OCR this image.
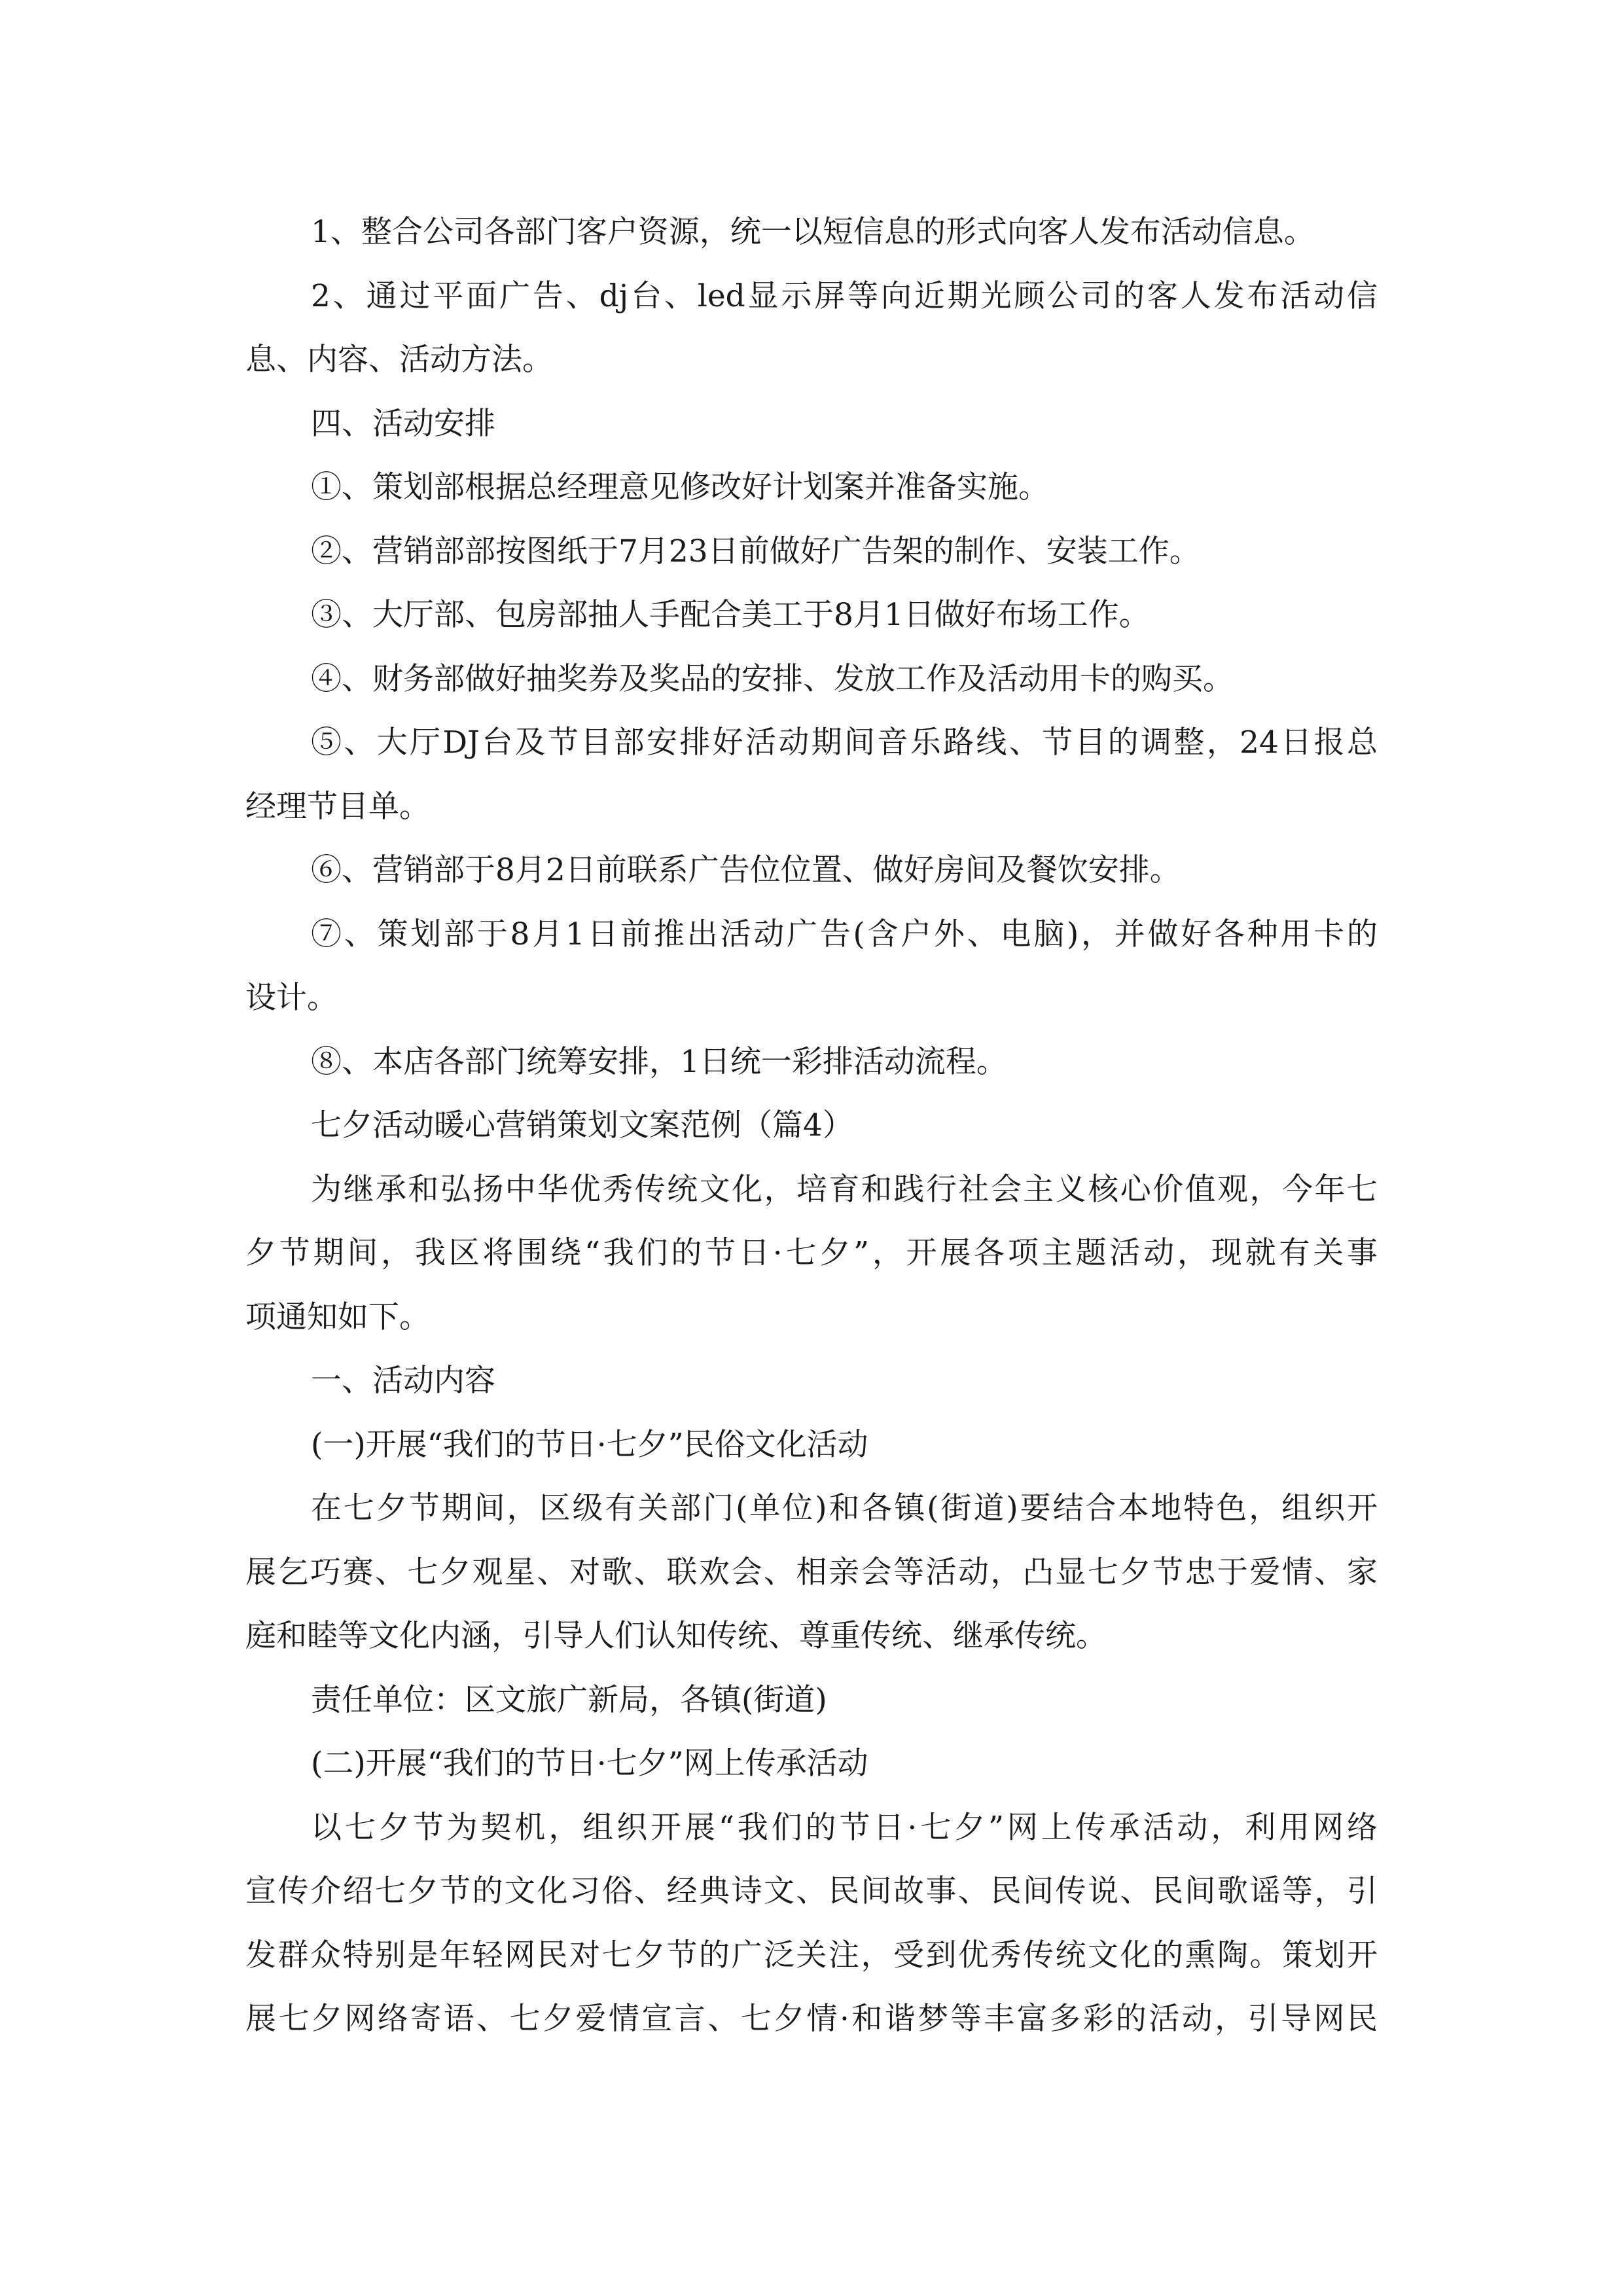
1、整合公司各部门客户资源，统一以短信息的形式向客人发布活动信息。
2、通过平面广告、dj台、led显示屏等向近期光顾公司的客人发布活动信
息、内容、活动方法。
四、活动安排
①、策划部根据总经理意见修改好计划案并准备实施。
②、营销部部按图纸于7月23日前做好广告架的制作、安装工作。
③、大厅部、包房部抽人手配合美工于8月1日做好布场工作。
④、财务部做好抽奖券及奖品的安排、发放工作及活动用卡的购买。
⑤、大厅DJ台及节目部安排好活动期间音乐路线、节目的调整，24日报总
经理节目单。
⑥、营销部于8月2日前联系广告位位置、做好房间及餐饮安排。
⑦、策划部于8月1日前推出活动广告(含户外、电脑)，并做好各种用卡的
设计。
⑧、本店各部门统筹安排，1日统一彩排活动流程。
七夕活动暖心营销策划文案范例（篇4）
为继承和弘扬中华优秀传统文化，培育和践行社会主义核心价值观，今年七
夕节期间，我区将围绕“我们的节日·七夕”，开展各项主题活动，现就有关事
项通知如下。
一、活动内容
(一)开展“我们的节日·七夕”民俗文化活动
在七夕节期间，区级有关部门(单位)和各镇(街道)要结合本地特色，组织开
展乞巧赛、七夕观星、对歌、联欢会、相亲会等活动，凸显七夕节忠于爱情、家
庭和睦等文化内涵，引导人们认知传统、尊重传统、继承传统。
责任单位：区文旅广新局，各镇(街道)
(二)开展“我们的节日·七夕”网上传承活动
以七夕节为契机，组织开展“我们的节日·七夕”网上传承活动，利用网络
宣传介绍七夕节的文化习俗、经典诗文、民间故事、民间传说、民间歌谣等，引
发群众特别是年轻网民对七夕节的广泛关注，受到优秀传统文化的熏陶。策划开
展七夕网络寄语、七夕爱情宣言、七夕情·和谐梦等丰富多彩的活动，引导网民
